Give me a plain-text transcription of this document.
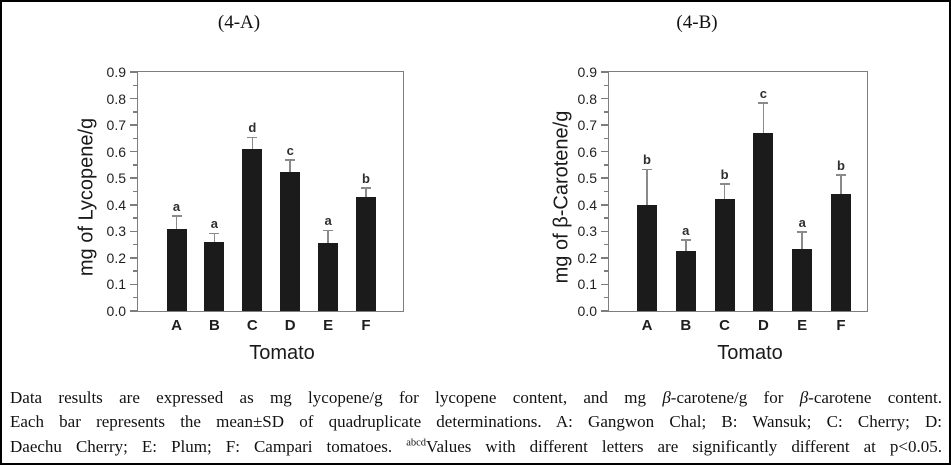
(4-A)
mg of Lycopene/g
0.0
0.1
0.2
0.3
0.4
0.5
0.6
0.7
0.8
0.9
a
A
a
B
d
C
c
D
a
E
b
F
Tomato
(4-B)
mg of β-Carotene/g
0.0
0.1
0.2
0.3
0.4
0.5
0.6
0.7
0.8
0.9
b
A
a
B
b
C
c
D
a
E
b
F
Tomato
Data results are expressed as mg lycopene/g for lycopene content, and mg β-carotene/g for β-carotene content.
Each bar represents the mean±SD of quadruplicate determinations. A: Gangwon Chal; B: Wansuk; C: Cherry; D:
Daechu Cherry; E: Plum; F: Campari tomatoes. $^{abcd}$Values with different letters are significantly different at p<0.05.
